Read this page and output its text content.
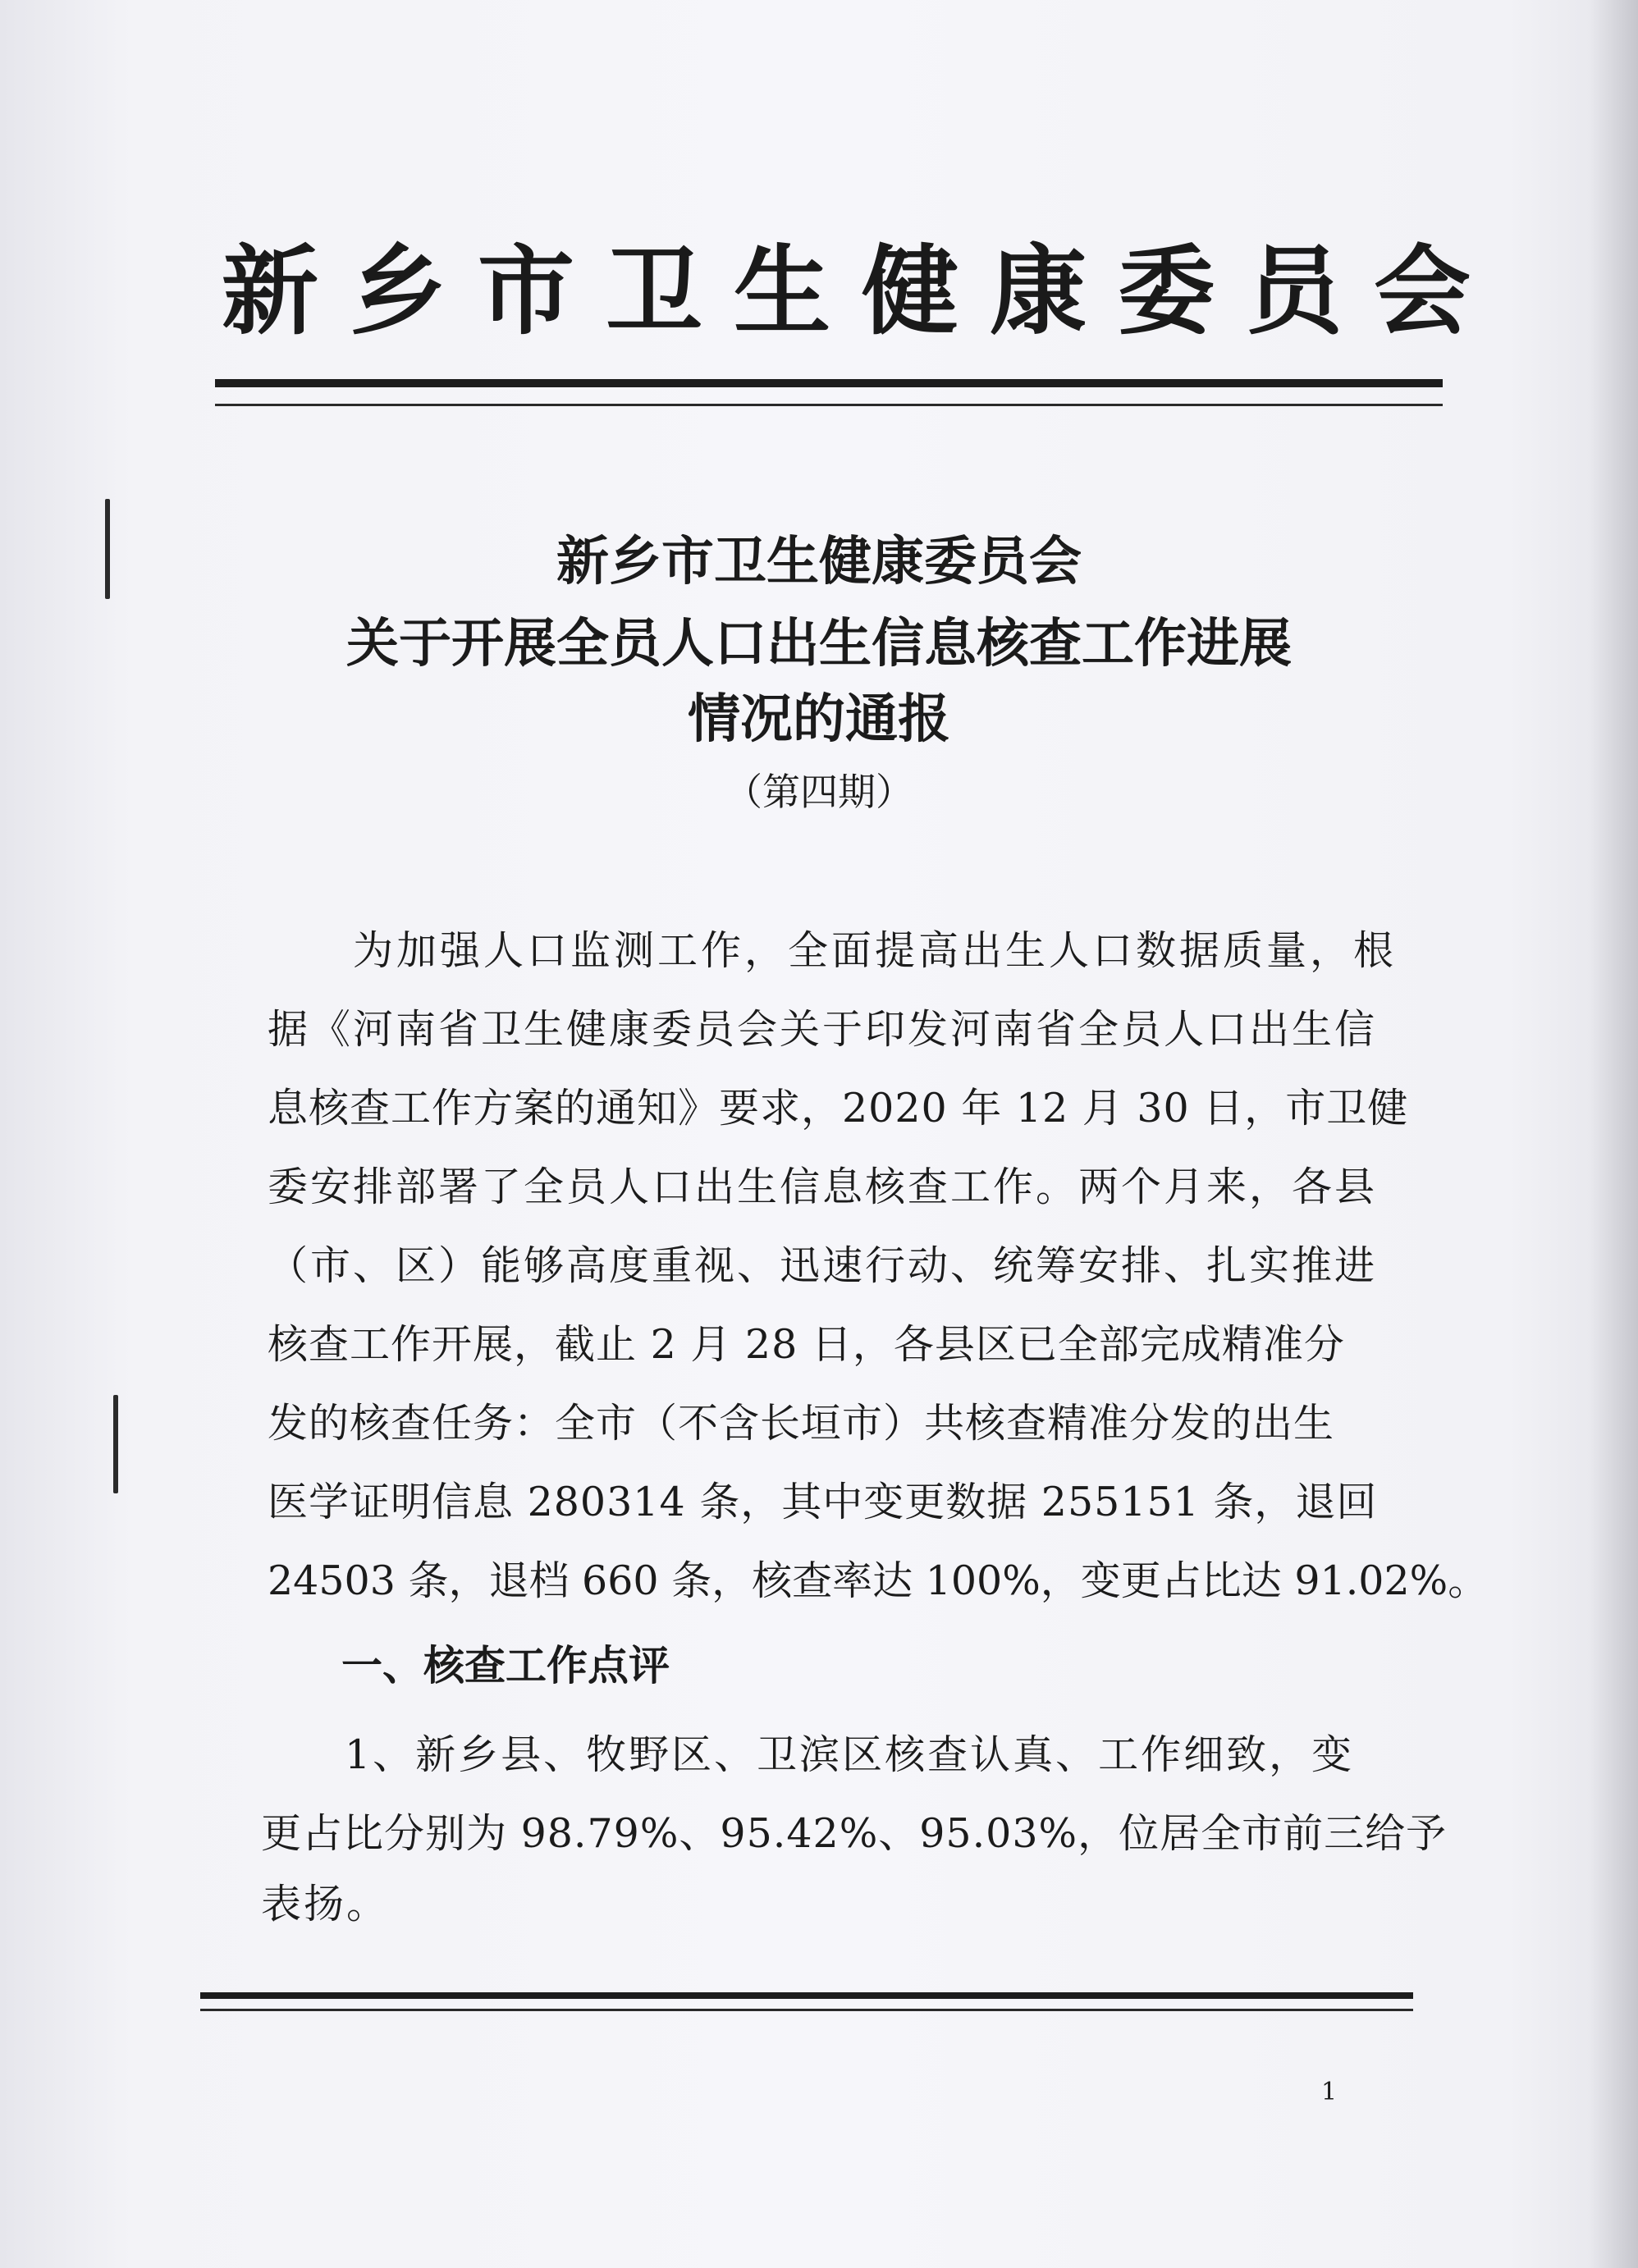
新乡市卫生健康委员会
新乡市卫生健康委员会
关于开展全员人口出生信息核查工作进展
情况的通报
（第四期）
为加强人口监测工作，全面提高出生人口数据质量，根
据《河南省卫生健康委员会关于印发河南省全员人口出生信
息核查工作方案的通知》要求，2020 年 12 月 30 日，市卫健
委安排部署了全员人口出生信息核查工作。两个月来，各县
（市、区）能够高度重视、迅速行动、统筹安排、扎实推进
核查工作开展，截止 2 月 28 日，各县区已全部完成精准分
发的核查任务：全市（不含长垣市）共核查精准分发的出生
医学证明信息 280314 条，其中变更数据 255151 条，退回
24503 条，退档 660 条，核查率达 100%，变更占比达 91.02%。
一、核查工作点评
1、新乡县、牧野区、卫滨区核查认真、工作细致，变
更占比分别为 98.79%、95.42%、95.03%，位居全市前三给予
表扬。
1
